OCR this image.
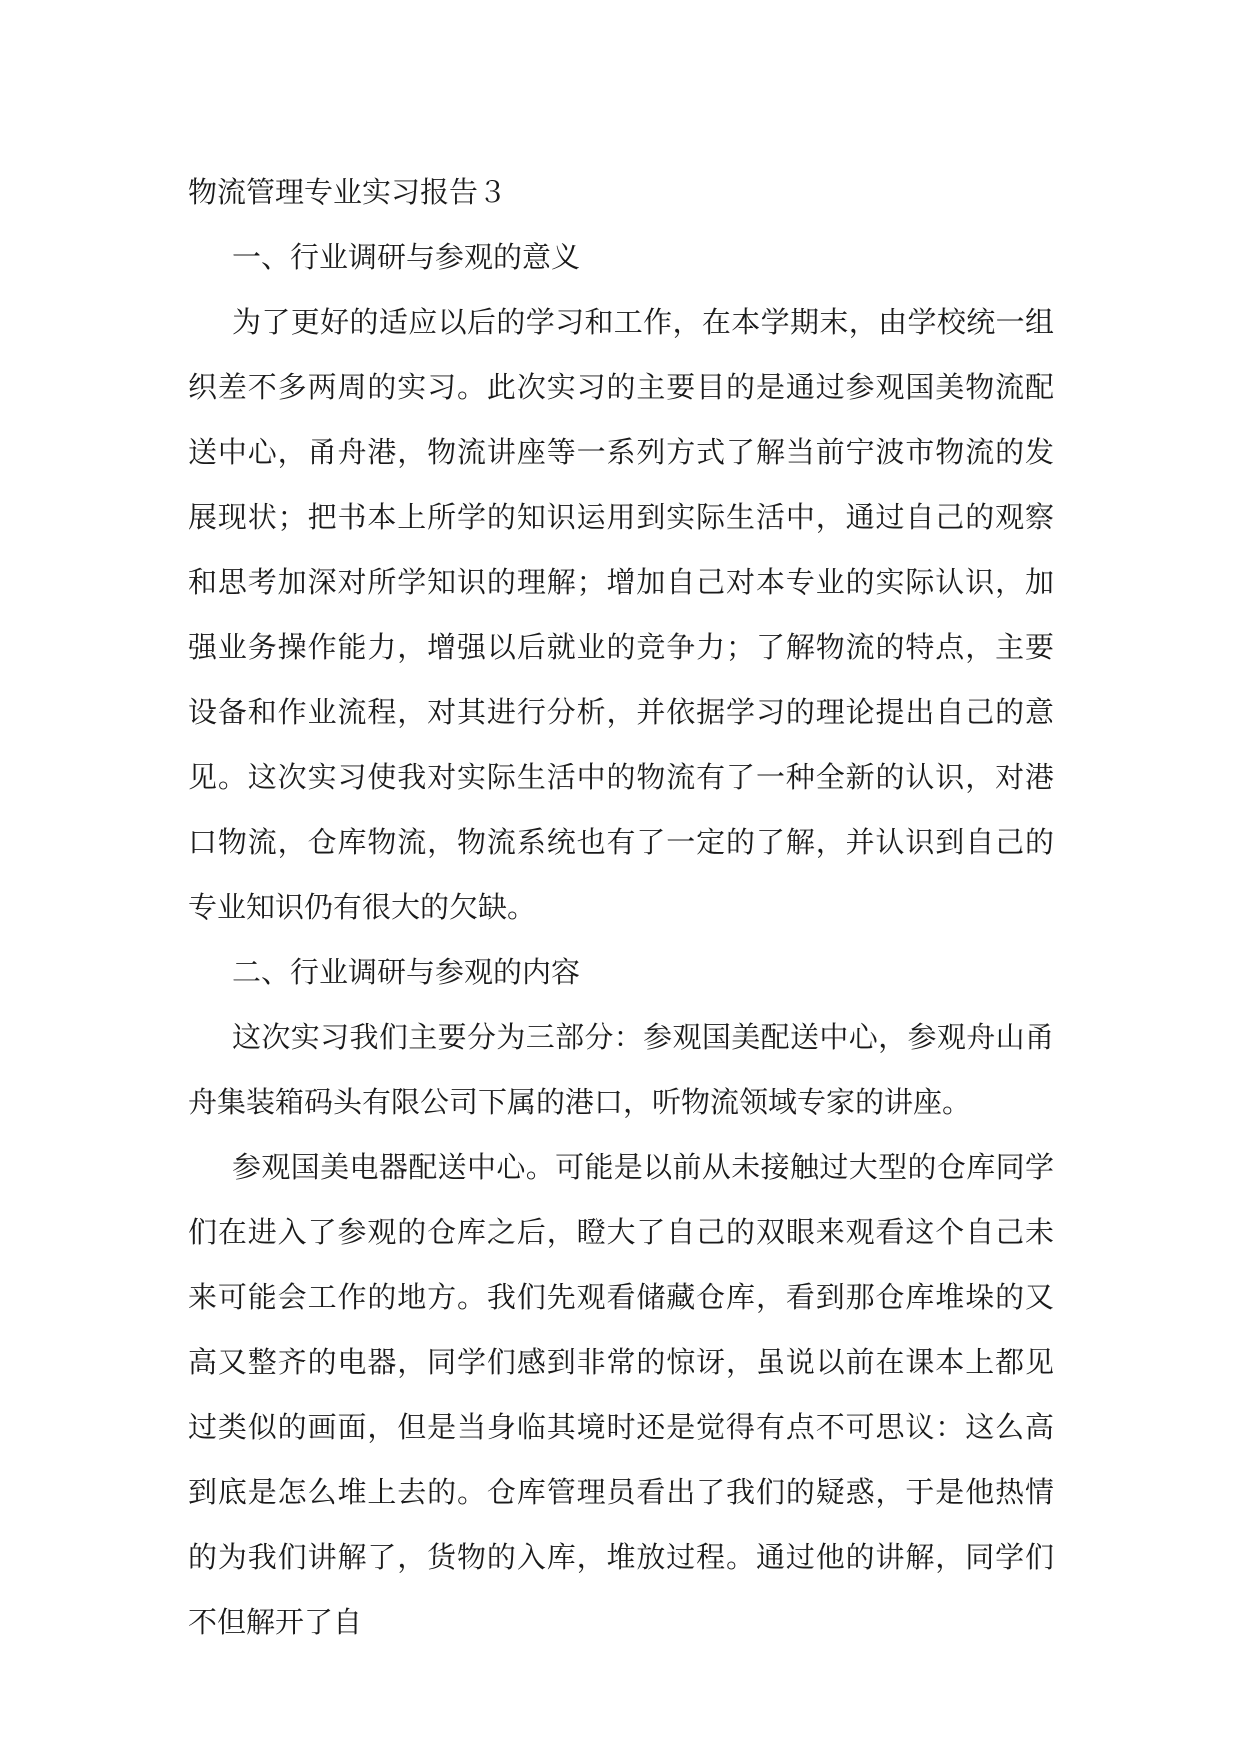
物流管理专业实习报告３
一、行业调研与参观的意义

为了更好的适应以后的学习和工作，在本学期末，由学校统一组织差不多两周的实习。此次实习的主要目的是通过参观国美物流配送中心，甬舟港，物流讲座等一系列方式了解当前宁波市物流的发展现状；把书本上所学的知识运用到实际生活中，通过自己的观察和思考加深对所学知识的理解；增加自己对本专业的实际认识，加强业务操作能力，增强以后就业的竞争力；了解物流的特点，主要设备和作业流程，对其进行分析，并依据学习的理论提出自己的意见。这次实习使我对实际生活中的物流有了一种全新的认识，对港口物流，仓库物流，物流系统也有了一定的了解，并认识到自己的专业知识仍有很大的欠缺。

二、行业调研与参观的内容

这次实习我们主要分为三部分：参观国美配送中心，参观舟山甬舟集装箱码头有限公司下属的港口，听物流领域专家的讲座。

参观国美电器配送中心。可能是以前从未接触过大型的仓库同学们在进入了参观的仓库之后，瞪大了自己的双眼来观看这个自己未来可能会工作的地方。我们先观看储藏仓库，看到那仓库堆垛的又高又整齐的电器，同学们感到非常的惊讶，虽说以前在课本上都见过类似的画面，但是当身临其境时还是觉得有点不可思议：这么高到底是怎么堆上去的。仓库管理员看出了我们的疑惑，于是他热情的为我们讲解了，货物的入库，堆放过程。通过他的讲解，同学们不但解开了自
